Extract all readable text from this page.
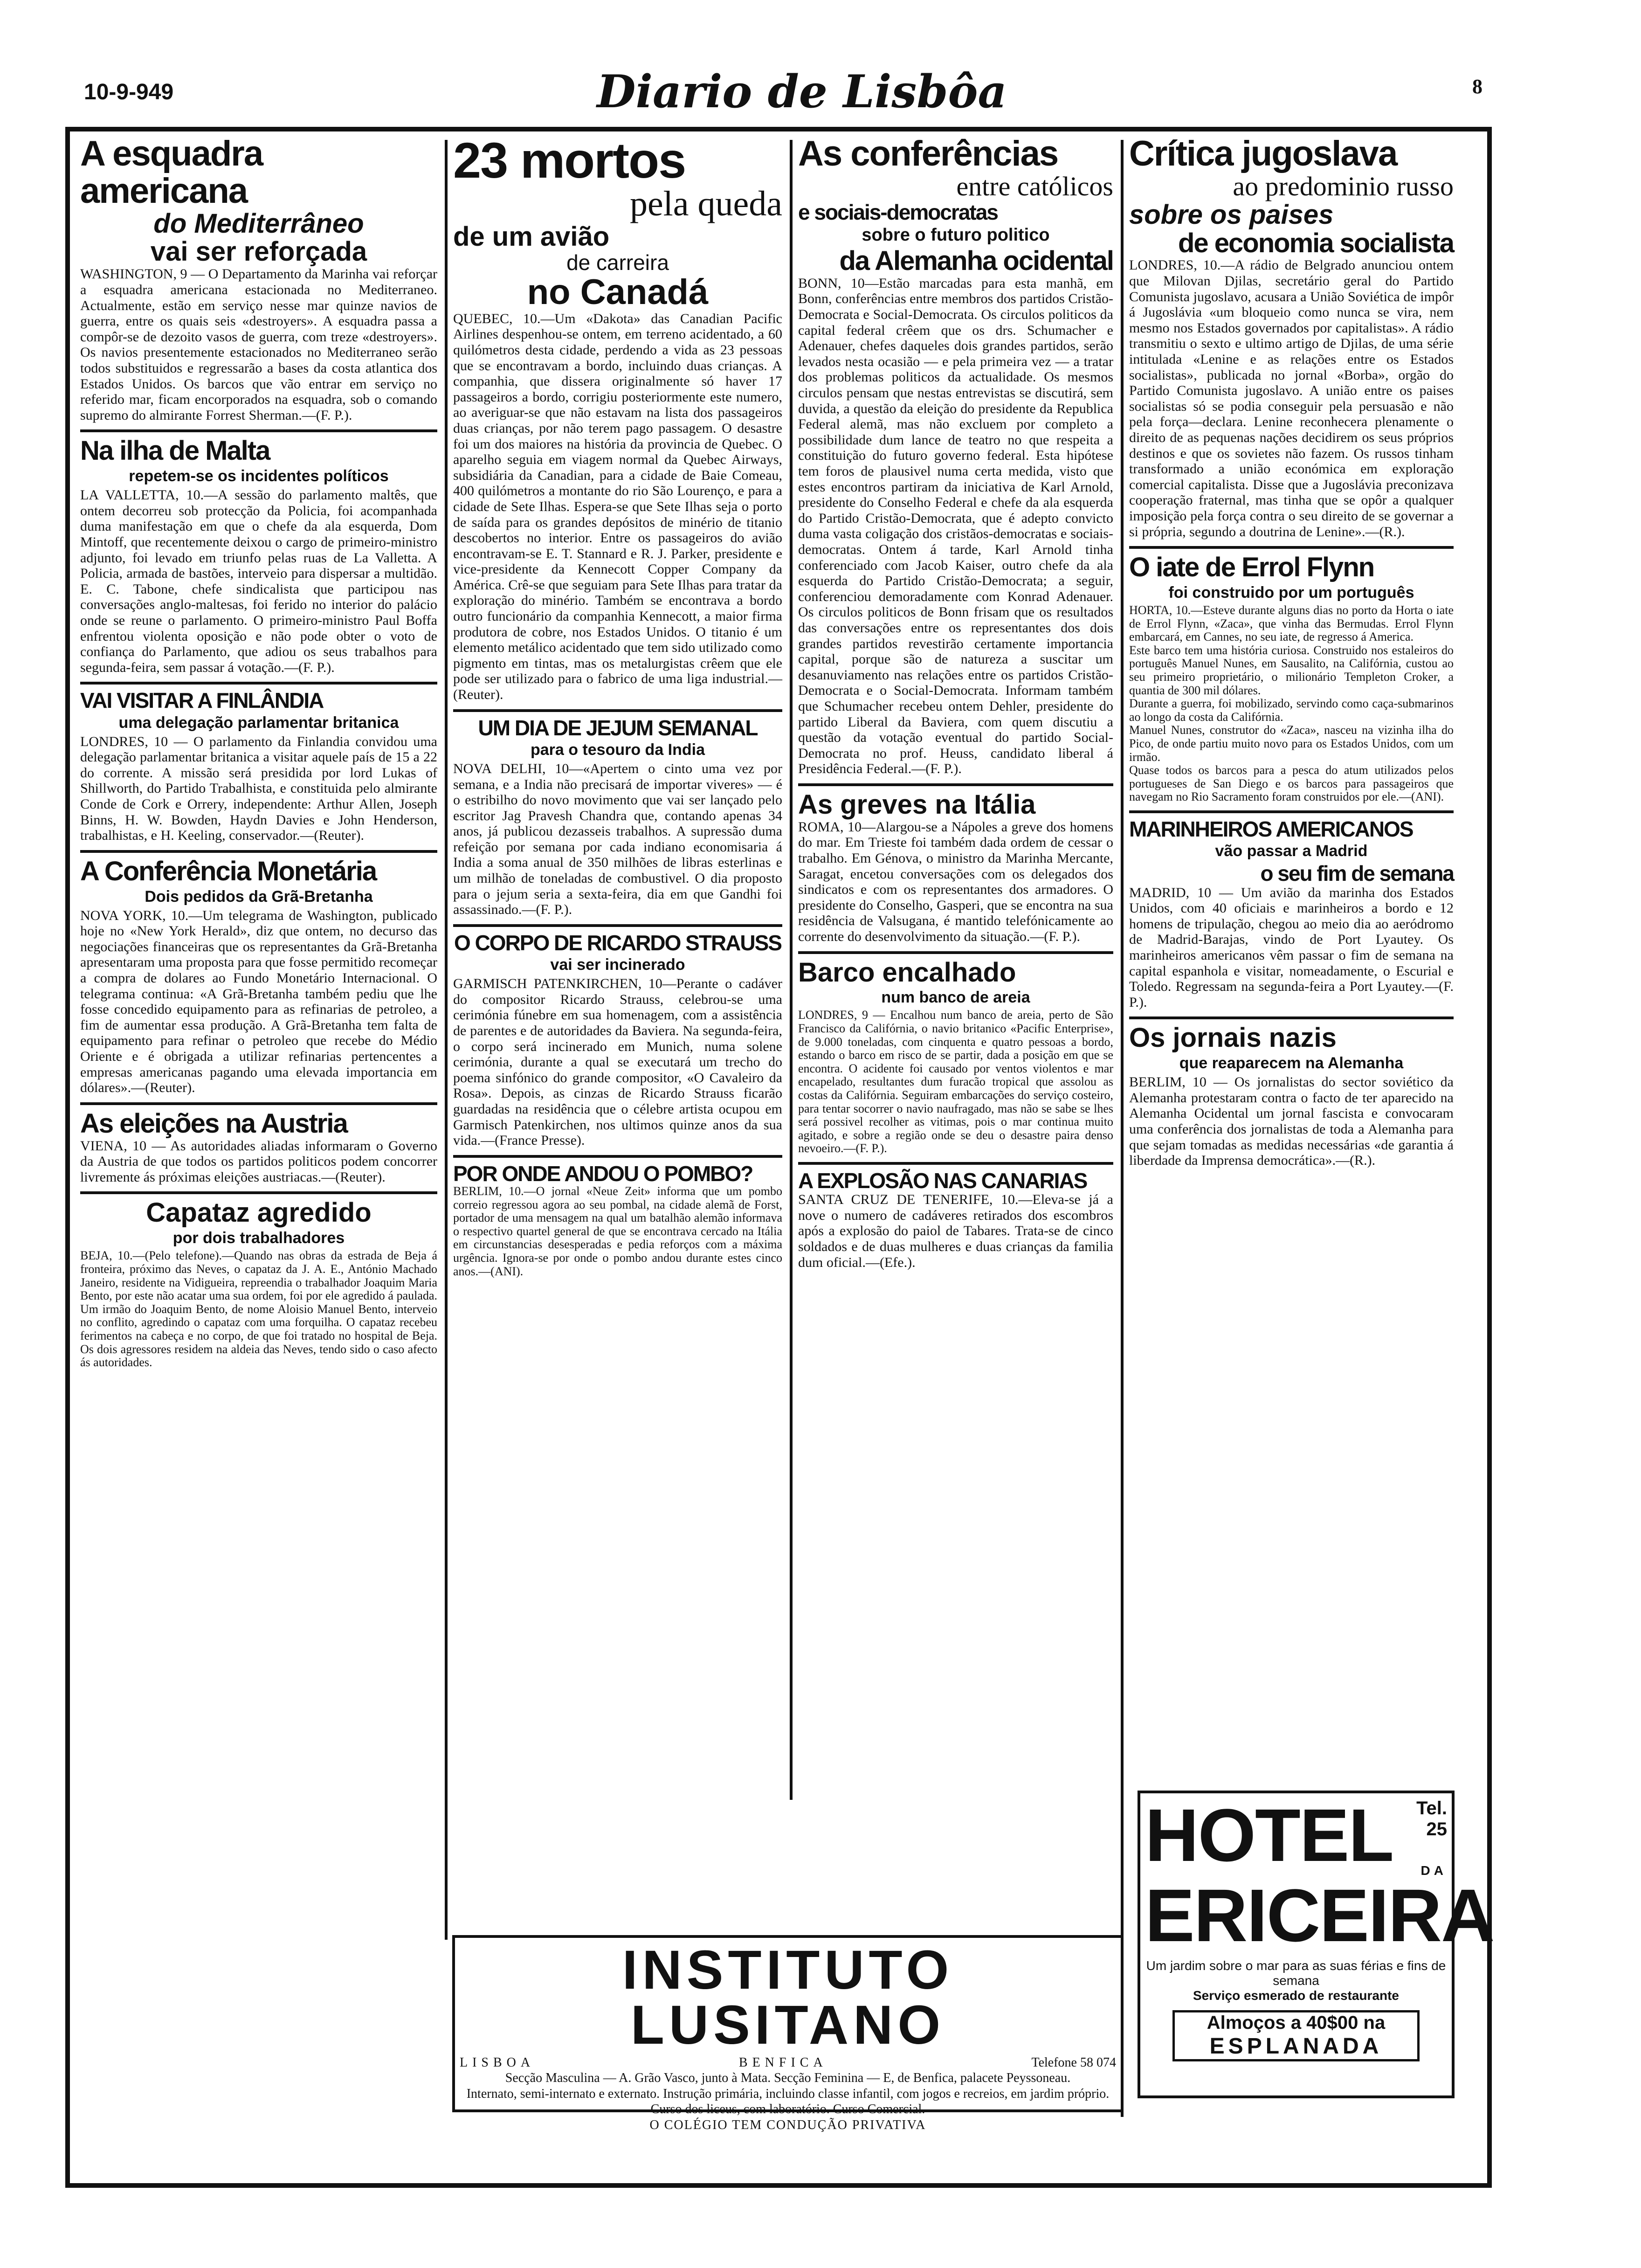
10-9-949	Diario de Lisbôa	8
A esquadra americana
do Mediterrâneo
vai ser reforçada

WASHINGTON, 9 — O Departamento da Marinha vai reforçar a esquadra americana estacionada no Mediterraneo. Actualmente, estão em serviço nesse mar quinze navios de guerra, entre os quais seis «destroyers». A esquadra passa a compôr-se de dezoito vasos de guerra, com treze «destroyers». Os navios presentemente estacionados no Mediterraneo serão todos substituidos e regressarão a bases da costa atlantica dos Estados Unidos. Os barcos que vão entrar em serviço no referido mar, ficam encorporados na esquadra, sob o comando supremo do almirante Forrest Sherman.—(F. P.).

Na ilha de Malta
repetem-se os incidentes políticos

LA VALLETTA, 10.—A sessão do parlamento maltês, que ontem decorreu sob protecção da Policia, foi acompanhada duma manifestação em que o chefe da ala esquerda, Dom Mintoff, que recentemente deixou o cargo de primeiro-ministro adjunto, foi levado em triunfo pelas ruas de La Valletta. A Policia, armada de bastões, interveio para dispersar a multidão. E. C. Tabone, chefe sindicalista que participou nas conversações anglo-maltesas, foi ferido no interior do palácio onde se reune o parlamento. O primeiro-ministro Paul Boffa enfrentou violenta oposição e não pode obter o voto de confiança do Parlamento, que adiou os seus trabalhos para segunda-feira, sem passar á votação.—(F. P.).

VAI VISITAR A FINLÂNDIA
uma delegação parlamentar britanica

LONDRES, 10 — O parlamento da Finlandia convidou uma delegação parlamentar britanica a visitar aquele país de 15 a 22 do corrente. A missão será presidida por lord Lukas of Shillworth, do Partido Trabalhista, e constituida pelo almirante Conde de Cork e Orrery, independente: Arthur Allen, Joseph Binns, H. W. Bowden, Haydn Davies e John Henderson, trabalhistas, e H. Keeling, conservador.—(Reuter).

A Conferência Monetária
Dois pedidos da Grã-Bretanha

NOVA YORK, 10.—Um telegrama de Washington, publicado hoje no «New York Herald», diz que ontem, no decurso das negociações financeiras que os representantes da Grã-Bretanha apresentaram uma proposta para que fosse permitido recomeçar a compra de dolares ao Fundo Monetário Internacional. O telegrama continua: «A Grã-Bretanha também pediu que lhe fosse concedido equipamento para as refinarias de petroleo, a fim de aumentar essa produção. A Grã-Bretanha tem falta de equipamento para refinar o petroleo que recebe do Médio Oriente e é obrigada a utilizar refinarias pertencentes a empresas americanas pagando uma elevada importancia em dólares».—(Reuter).

As eleições na Austria

VIENA, 10 — As autoridades aliadas informaram o Governo da Austria de que todos os partidos politicos podem concorrer livremente ás próximas eleições austriacas.—(Reuter).

Capataz agredido
por dois trabalhadores

BEJA, 10.—(Pelo telefone).—Quando nas obras da estrada de Beja á fronteira, próximo das Neves, o capataz da J. A. E., António Machado Janeiro, residente na Vidigueira, repreendia o trabalhador Joaquim Maria Bento, por este não acatar uma sua ordem, foi por ele agredido á paulada. Um irmão do Joaquim Bento, de nome Aloisio Manuel Bento, interveio no conflito, agredindo o capataz com uma forquilha. O capataz recebeu ferimentos na cabeça e no corpo, de que foi tratado no hospital de Beja. Os dois agressores residem na aldeia das Neves, tendo sido o caso afecto ás autoridades.

23 mortos
pela queda
de um avião
de carreira
no Canadá

QUEBEC, 10.—Um «Dakota» das Canadian Pacific Airlines despenhou-se ontem, em terreno acidentado, a 60 quilómetros desta cidade, perdendo a vida as 23 pessoas que se encontravam a bordo, incluindo duas crianças. A companhia, que dissera originalmente só haver 17 passageiros a bordo, corrigiu posteriormente este numero, ao averiguar-se que não estavam na lista dos passageiros duas crianças, por não terem pago passagem. O desastre foi um dos maiores na história da provincia de Quebec. O aparelho seguia em viagem normal da Quebec Airways, subsidiária da Canadian, para a cidade de Baie Comeau, 400 quilómetros a montante do rio São Lourenço, e para a cidade de Sete Ilhas. Espera-se que Sete Ilhas seja o porto de saída para os grandes depósitos de minério de titanio descobertos no interior. Entre os passageiros do avião encontravam-se E. T. Stannard e R. J. Parker, presidente e vice-presidente da Kennecott Copper Company da América. Crê-se que seguiam para Sete Ilhas para tratar da exploração do minério. Também se encontrava a bordo outro funcionário da companhia Kennecott, a maior firma produtora de cobre, nos Estados Unidos. O titanio é um elemento metálico acidentado que tem sido utilizado como pigmento em tintas, mas os metalurgistas crêem que ele pode ser utilizado para o fabrico de uma liga industrial.—(Reuter).

UM DIA DE JEJUM SEMANAL
para o tesouro da India

NOVA DELHI, 10—«Apertem o cinto uma vez por semana, e a India não precisará de importar viveres» — é o estribilho do novo movimento que vai ser lançado pelo escritor Jag Pravesh Chandra que, contando apenas 34 anos, já publicou dezasseis trabalhos. A supressão duma refeição por semana por cada indiano economisaria á India a soma anual de 350 milhões de libras esterlinas e um milhão de toneladas de combustivel. O dia proposto para o jejum seria a sexta-feira, dia em que Gandhi foi assassinado.—(F. P.).

O CORPO DE RICARDO STRAUSS
vai ser incinerado

GARMISCH PATENKIRCHEN, 10—Perante o cadáver do compositor Ricardo Strauss, celebrou-se uma cerimónia fúnebre em sua homenagem, com a assistência de parentes e de autoridades da Baviera. Na segunda-feira, o corpo será incinerado em Munich, numa solene cerimónia, durante a qual se executará um trecho do poema sinfónico do grande compositor, «O Cavaleiro da Rosa». Depois, as cinzas de Ricardo Strauss ficarão guardadas na residência que o célebre artista ocupou em Garmisch Patenkirchen, nos ultimos quinze anos da sua vida.—(France Presse).

POR ONDE ANDOU O POMBO?

BERLIM, 10.—O jornal «Neue Zeit» informa que um pombo correio regressou agora ao seu pombal, na cidade alemã de Forst, portador de uma mensagem na qual um batalhão alemão informava o respectivo quartel general de que se encontrava cercado na Itália em circunstancias desesperadas e pedia reforços com a máxima urgência. Ignora-se por onde o pombo andou durante estes cinco anos.—(ANI).

As conferências
entre católicos
e sociais-democratas
sobre o futuro politico
da Alemanha ocidental

BONN, 10—Estão marcadas para esta manhã, em Bonn, conferências entre membros dos partidos Cristão-Democrata e Social-Democrata. Os circulos politicos da capital federal crêem que os drs. Schumacher e Adenauer, chefes daqueles dois grandes partidos, serão levados nesta ocasião — e pela primeira vez — a tratar dos problemas politicos da actualidade. Os mesmos circulos pensam que nestas entrevistas se discutirá, sem duvida, a questão da eleição do presidente da Republica Federal alemã, mas não excluem por completo a possibilidade dum lance de teatro no que respeita a constituição do futuro governo federal. Esta hipótese tem foros de plausivel numa certa medida, visto que estes encontros partiram da iniciativa de Karl Arnold, presidente do Conselho Federal e chefe da ala esquerda do Partido Cristão-Democrata, que é adepto convicto duma vasta coligação dos cristãos-democratas e sociais-democratas. Ontem á tarde, Karl Arnold tinha conferenciado com Jacob Kaiser, outro chefe da ala esquerda do Partido Cristão-Democrata; a seguir, conferenciou demoradamente com Konrad Adenauer. Os circulos politicos de Bonn frisam que os resultados das conversações entre os representantes dos dois grandes partidos revestirão certamente importancia capital, porque são de natureza a suscitar um desanuviamento nas relações entre os partidos Cristão-Democrata e o Social-Democrata. Informam também que Schumacher recebeu ontem Dehler, presidente do partido Liberal da Baviera, com quem discutiu a questão da votação eventual do partido Social-Democrata no prof. Heuss, candidato liberal á Presidência Federal.—(F. P.).

As greves na Itália

ROMA, 10—Alargou-se a Nápoles a greve dos homens do mar. Em Trieste foi também dada ordem de cessar o trabalho. Em Génova, o ministro da Marinha Mercante, Saragat, encetou conversações com os delegados dos sindicatos e com os representantes dos armadores. O presidente do Conselho, Gasperi, que se encontra na sua residência de Valsugana, é mantido telefónicamente ao corrente do desenvolvimento da situação.—(F. P.).

Barco encalhado
num banco de areia

LONDRES, 9 — Encalhou num banco de areia, perto de São Francisco da Califórnia, o navio britanico «Pacific Enterprise», de 9.000 toneladas, com cinquenta e quatro pessoas a bordo, estando o barco em risco de se partir, dada a posição em que se encontra. O acidente foi causado por ventos violentos e mar encapelado, resultantes dum furacão tropical que assolou as costas da Califórnia. Seguiram embarcações do serviço costeiro, para tentar socorrer o navio naufragado, mas não se sabe se lhes será possivel recolher as vitimas, pois o mar continua muito agitado, e sobre a região onde se deu o desastre paira denso nevoeiro.—(F. P.).

A EXPLOSÃO NAS CANARIAS

SANTA CRUZ DE TENERIFE, 10.—Eleva-se já a nove o numero de cadáveres retirados dos escombros após a explosão do paiol de Tabares. Trata-se de cinco soldados e de duas mulheres e duas crianças da familia dum oficial.—(Efe.).

Crítica jugoslava
ao predominio russo
sobre os paises
de economia socialista

LONDRES, 10.—A rádio de Belgrado anunciou ontem que Milovan Djilas, secretário geral do Partido Comunista jugoslavo, acusara a União Soviética de impôr á Jugoslávia «um bloqueio como nunca se vira, nem mesmo nos Estados governados por capitalistas». A rádio transmitiu o sexto e ultimo artigo de Djilas, de uma série intitulada «Lenine e as relações entre os Estados socialistas», publicada no jornal «Borba», orgão do Partido Comunista jugoslavo. A união entre os paises socialistas só se podia conseguir pela persuasão e não pela força—declara. Lenine reconhecera plenamente o direito de as pequenas nações decidirem os seus próprios destinos e que os sovietes não fazem. Os russos tinham transformado a união económica em exploração comercial capitalista. Disse que a Jugoslávia preconizava cooperação fraternal, mas tinha que se opôr a qualquer imposição pela força contra o seu direito de se governar a si própria, segundo a doutrina de Lenine».—(R.).

O iate de Errol Flynn
foi construido por um português

HORTA, 10.—Esteve durante alguns dias no porto da Horta o iate de Errol Flynn, «Zaca», que vinha das Bermudas. Errol Flynn embarcará, em Cannes, no seu iate, de regresso á America.

Este barco tem uma história curiosa. Construido nos estaleiros do português Manuel Nunes, em Sausalito, na Califórnia, custou ao seu primeiro proprietário, o milionário Templeton Croker, a quantia de 300 mil dólares.

Durante a guerra, foi mobilizado, servindo como caça-submarinos ao longo da costa da Califórnia.

Manuel Nunes, construtor do «Zaca», nasceu na vizinha ilha do Pico, de onde partiu muito novo para os Estados Unidos, com um irmão.

Quase todos os barcos para a pesca do atum utilizados pelos portugueses de San Diego e os barcos para passageiros que navegam no Rio Sacramento foram construidos por ele.—(ANI).

MARINHEIROS AMERICANOS
vão passar a Madrid
o seu fim de semana

MADRID, 10 — Um avião da marinha dos Estados Unidos, com 40 oficiais e marinheiros a bordo e 12 homens de tripulação, chegou ao meio dia ao aeródromo de Madrid-Barajas, vindo de Port Lyautey. Os marinheiros americanos vêm passar o fim de semana na capital espanhola e visitar, nomeadamente, o Escurial e Toledo. Regressam na segunda-feira a Port Lyautey.—(F. P.).

Os jornais nazis
que reaparecem na Alemanha

BERLIM, 10 — Os jornalistas do sector soviético da Alemanha protestaram contra o facto de ter aparecido na Alemanha Ocidental um jornal fascista e convocaram uma conferência dos jornalistas de toda a Alemanha para que sejam tomadas as medidas necessárias «de garantia á liberdade da Imprensa democrática».—(R.).

INSTITUTO LUSITANO
LISBOA	BENFICA	Telefone 58 074
Secção Masculina — A. Grão Vasco, junto à Mata. Secção Feminina — E, de Benfica, palacete Peyssoneau.
Internato, semi-internato e externato. Instrução primária, incluindo classe infantil, com jogos e recreios, em jardim próprio. Curso dos liceus, com laboratório. Curso Comercial.
O COLÉGIO TEM CONDUÇÃO PRIVATIVA
HOTEL	Tel. 25
DA
ERICEIRA
Um jardim sobre o mar para as suas férias e fins de semana
Serviço esmerado de restaurante
Almoços a 40$00 na
ESPLANADA
